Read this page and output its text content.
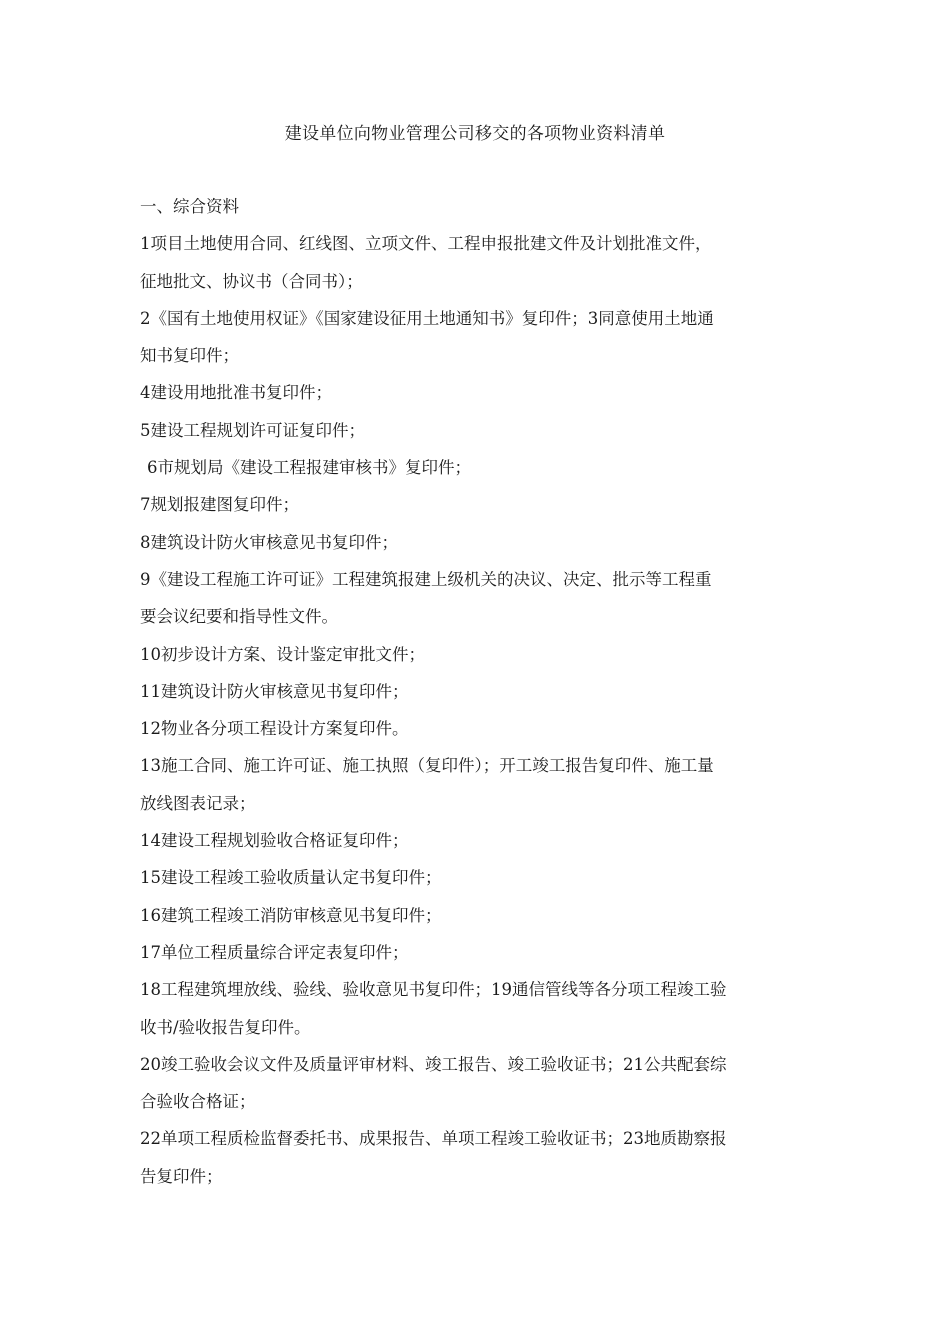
建设单位向物业管理公司移交的各项物业资料清单
一、综合资料
1项目土地使用合同、红线图、立项文件、工程申报批建文件及计划批准文件，
征地批文、协议书（合同书）；
2《国有土地使用权证》《国家建设征用土地通知书》复印件；3同意使用土地通
知书复印件；
4建设用地批准书复印件；
5建设工程规划许可证复印件；
6市规划局《建设工程报建审核书》复印件；
7规划报建图复印件；
8建筑设计防火审核意见书复印件；
9《建设工程施工许可证》工程建筑报建上级机关的决议、决定、批示等工程重
要会议纪要和指导性文件。
10初步设计方案、设计鉴定审批文件；
11建筑设计防火审核意见书复印件；
12物业各分项工程设计方案复印件。
13施工合同、施工许可证、施工执照（复印件）；开工竣工报告复印件、施工量
放线图表记录；
14建设工程规划验收合格证复印件；
15建设工程竣工验收质量认定书复印件；
16建筑工程竣工消防审核意见书复印件；
17单位工程质量综合评定表复印件；
18工程建筑埋放线、验线、验收意见书复印件；19通信管线等各分项工程竣工验
收书/验收报告复印件。
20竣工验收会议文件及质量评审材料、竣工报告、竣工验收证书；21公共配套综
合验收合格证；
22单项工程质检监督委托书、成果报告、单项工程竣工验收证书；23地质勘察报
告复印件；
